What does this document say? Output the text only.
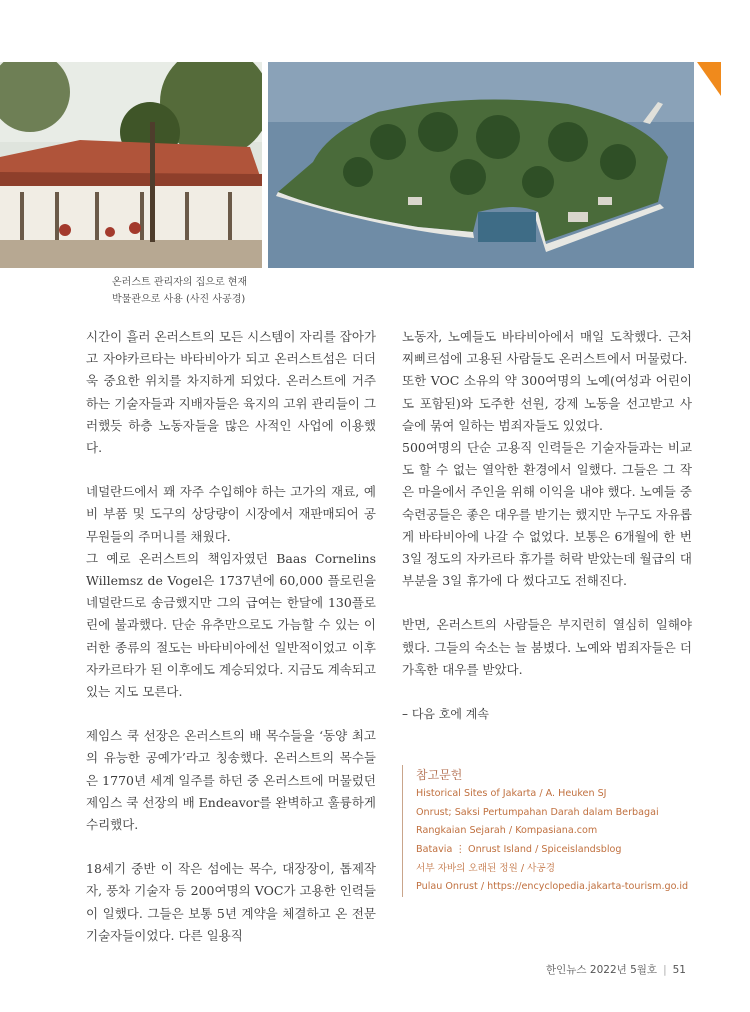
온러스트 관리자의 집으로 현재
박물관으로 사용 (사진 사공경)

시간이 흘러 온러스트의 모든 시스템이 자리를 잡아가고 자야카르타는 바타비아가 되고 온러스트섬은 더더욱 중요한 위치를 차지하게 되었다. 온러스트에 거주하는 기술자들과 지배자들은 육지의 고위 관리들이 그러했듯 하층 노동자들을 많은 사적인 사업에 이용했다.

네덜란드에서 꽤 자주 수입해야 하는 고가의 재료, 예비 부품 및 도구의 상당량이 시장에서 재판매되어 공무원들의 주머니를 채웠다.

그 예로 온러스트의 책임자였던 Baas Cornelins Willemsz de Vogel은 1737년에 60,000 플로린을 네덜란드로 송금했지만 그의 급여는 한달에 130플로린에 불과했다. 단순 유추만으로도 가늠할 수 있는 이러한 종류의 절도는 바타비아에선 일반적이었고 이후 자카르타가 된 이후에도 계승되었다. 지금도 계속되고 있는 지도 모른다.

제임스 쿡 선장은 온러스트의 배 목수들을 ‘동양 최고의 유능한 공예가’라고 칭송했다. 온러스트의 목수들은 1770년 세계 일주를 하던 중 온러스트에 머물렀던 제임스 쿡 선장의 배 Endeavor를 완벽하고 훌륭하게 수리했다.

18세기 중반 이 작은 섬에는 목수, 대장장이, 톱제작자, 풍차 기술자 등 200여명의 VOC가 고용한 인력들이 일했다. 그들은 보통 5년 계약을 체결하고 온 전문 기술자들이었다. 다른 일용직

노동자, 노예들도 바타비아에서 매일 도착했다. 근처 찌삐르섬에 고용된 사람들도 온러스트에서 머물렀다.

또한 VOC 소유의 약 300여명의 노예(여성과 어린이도 포함된)와 도주한 선원, 강제 노동을 선고받고 사슬에 묶여 일하는 범죄자들도 있었다.

500여명의 단순 고용직 인력들은 기술자들과는 비교도 할 수 없는 열악한 환경에서 일했다. 그들은 그 작은 마을에서 주인을 위해 이익을 내야 했다. 노예들 중 숙련공들은 좋은 대우를 받기는 했지만 누구도 자유롭게 바타비아에 나갈 수 없었다. 보통은 6개월에 한 번 3일 정도의 자카르타 휴가를 허락 받았는데 월급의 대부분을 3일 휴가에 다 썼다고도 전해진다.

반면, 온러스트의 사람들은 부지런히 열심히 일해야 했다. 그들의 숙소는 늘 붐볐다. 노예와 범죄자들은 더 가혹한 대우를 받았다.

– 다음 호에 계속
참고문헌
Historical Sites of Jakarta / A. Heuken SJ
Onrust; Saksi Pertumpahan Darah dalam Berbagai
Rangkaian Sejarah / Kompasiana.com
Batavia ⋮ Onrust Island / Spiceislandsblog
서부 자바의 오래된 정원 / 사공경
Pulau Onrust / https://encyclopedia.jakarta-tourism.go.id
한인뉴스 2022년 5월호 | 51
